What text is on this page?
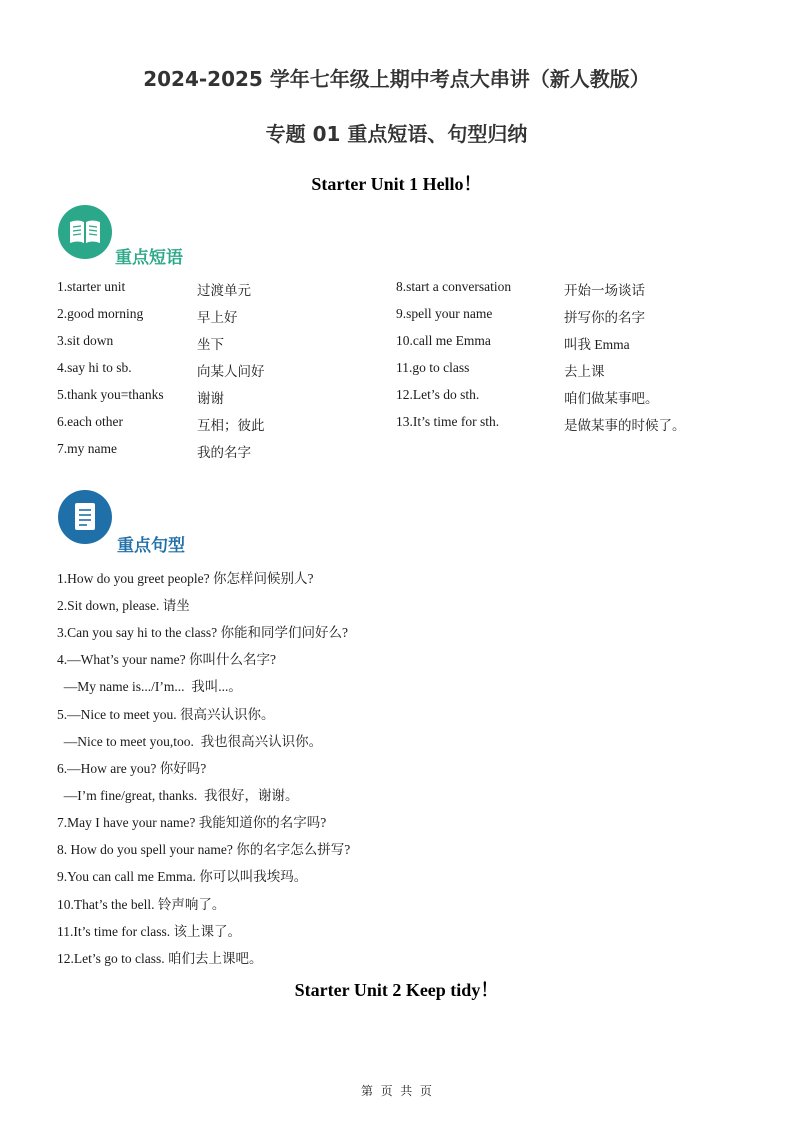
2024-2025 学年七年级上期中考点大串讲（新人教版）
专题 01 重点短语、句型归纳
Starter Unit 1 Hello！
重点短语
1.starter unit	过渡单元
2.good morning	早上好
3.sit down	坐下
4.say hi to sb.	向某人问好
5.thank you=thanks 谢谢
6.each other	互相；彼此
7.my name	我的名字
8.start a conversation	开始一场谈话
9.spell your name	拼写你的名字
10.call me Emma	叫我 Emma
11.go to class	去上课
12.Let’s do sth.	咱们做某事吧。
13.It’s time for sth.	是做某事的时候了。
重点句型
1.How do you greet people? 你怎样问候别人?
2.Sit down, please. 请坐
3.Can you say hi to the class? 你能和同学们问好么?
4.—What’s your name? 你叫什么名字?
—My name is.../I’m...  我叫...。
5.—Nice to meet you. 很高兴认识你。
—Nice to meet you,too.  我也很高兴认识你。
6.—How are you? 你好吗?
—I’m fine/great, thanks.  我很好，谢谢。
7.May I have your name? 我能知道你的名字吗?
8. How do you spell your name? 你的名字怎么拼写?
9.You can call me Emma. 你可以叫我埃玛。
10.That’s the bell. 铃声响了。
11.It’s time for class. 该上课了。
12.Let’s go to class. 咱们去上课吧。
Starter Unit 2 Keep tidy！
第  页  共  页
